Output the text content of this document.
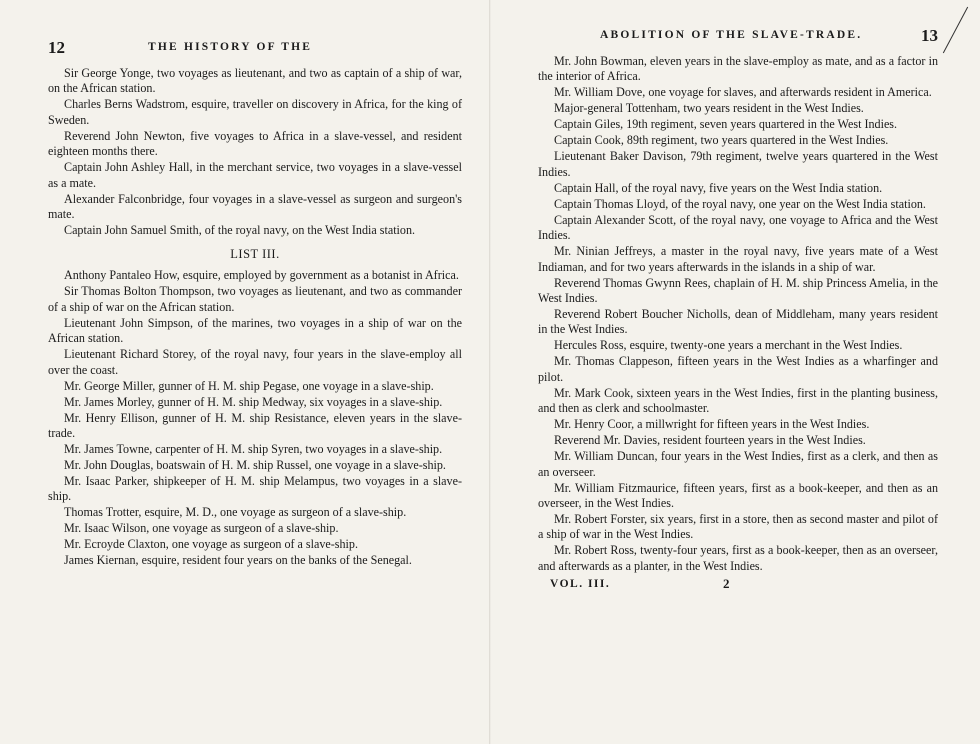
12	THE HISTORY OF THE

Sir George Yonge, two voyages as lieutenant, and two as captain of a ship of war, on the African station.

Charles Berns Wadstrom, esquire, traveller on discovery in Africa, for the king of Sweden.

Reverend John Newton, five voyages to Africa in a slave-vessel, and resident eighteen months there.

Captain John Ashley Hall, in the merchant service, two voyages in a slave-vessel as a mate.

Alexander Falconbridge, four voyages in a slave-vessel as surgeon and surgeon's mate.

Captain John Samuel Smith, of the royal navy, on the West India station.

LIST III.

Anthony Pantaleo How, esquire, employed by government as a botanist in Africa.

Sir Thomas Bolton Thompson, two voyages as lieutenant, and two as commander of a ship of war on the African station.

Lieutenant John Simpson, of the marines, two voyages in a ship of war on the African station.

Lieutenant Richard Storey, of the royal navy, four years in the slave-employ all over the coast.

Mr. George Miller, gunner of H. M. ship Pegase, one voyage in a slave-ship.

Mr. James Morley, gunner of H. M. ship Medway, six voyages in a slave-ship.

Mr. Henry Ellison, gunner of H. M. ship Resistance, eleven years in the slave-trade.

Mr. James Towne, carpenter of H. M. ship Syren, two voyages in a slave-ship.

Mr. John Douglas, boatswain of H. M. ship Russel, one voyage in a slave-ship.

Mr. Isaac Parker, shipkeeper of H. M. ship Melampus, two voyages in a slave-ship.

Thomas Trotter, esquire, M. D., one voyage as surgeon of a slave-ship.

Mr. Isaac Wilson, one voyage as surgeon of a slave-ship.

Mr. Ecroyde Claxton, one voyage as surgeon of a slave-ship.

James Kiernan, esquire, resident four years on the banks of the Senegal.

ABOLITION OF THE SLAVE-TRADE.	13

Mr. John Bowman, eleven years in the slave-employ as mate, and as a factor in the interior of Africa.

Mr. William Dove, one voyage for slaves, and afterwards resident in America.

Major-general Tottenham, two years resident in the West Indies.

Captain Giles, 19th regiment, seven years quartered in the West Indies.

Captain Cook, 89th regiment, two years quartered in the West Indies.

Lieutenant Baker Davison, 79th regiment, twelve years quartered in the West Indies.

Captain Hall, of the royal navy, five years on the West India station.

Captain Thomas Lloyd, of the royal navy, one year on the West India station.

Captain Alexander Scott, of the royal navy, one voyage to Africa and the West Indies.

Mr. Ninian Jeffreys, a master in the royal navy, five years mate of a West Indiaman, and for two years afterwards in the islands in a ship of war.

Reverend Thomas Gwynn Rees, chaplain of H. M. ship Princess Amelia, in the West Indies.

Reverend Robert Boucher Nicholls, dean of Middleham, many years resident in the West Indies.

Hercules Ross, esquire, twenty-one years a merchant in the West Indies.

Mr. Thomas Clappeson, fifteen years in the West Indies as a wharfinger and pilot.

Mr. Mark Cook, sixteen years in the West Indies, first in the planting business, and then as clerk and schoolmaster.

Mr. Henry Coor, a millwright for fifteen years in the West Indies.

Reverend Mr. Davies, resident fourteen years in the West Indies.

Mr. William Duncan, four years in the West Indies, first as a clerk, and then as an overseer.

Mr. William Fitzmaurice, fifteen years, first as a book-keeper, and then as an overseer, in the West Indies.

Mr. Robert Forster, six years, first in a store, then as second master and pilot of a ship of war in the West Indies.

Mr. Robert Ross, twenty-four years, first as a book-keeper, then as an overseer, and afterwards as a planter, in the West Indies.

VOL. III.	2
